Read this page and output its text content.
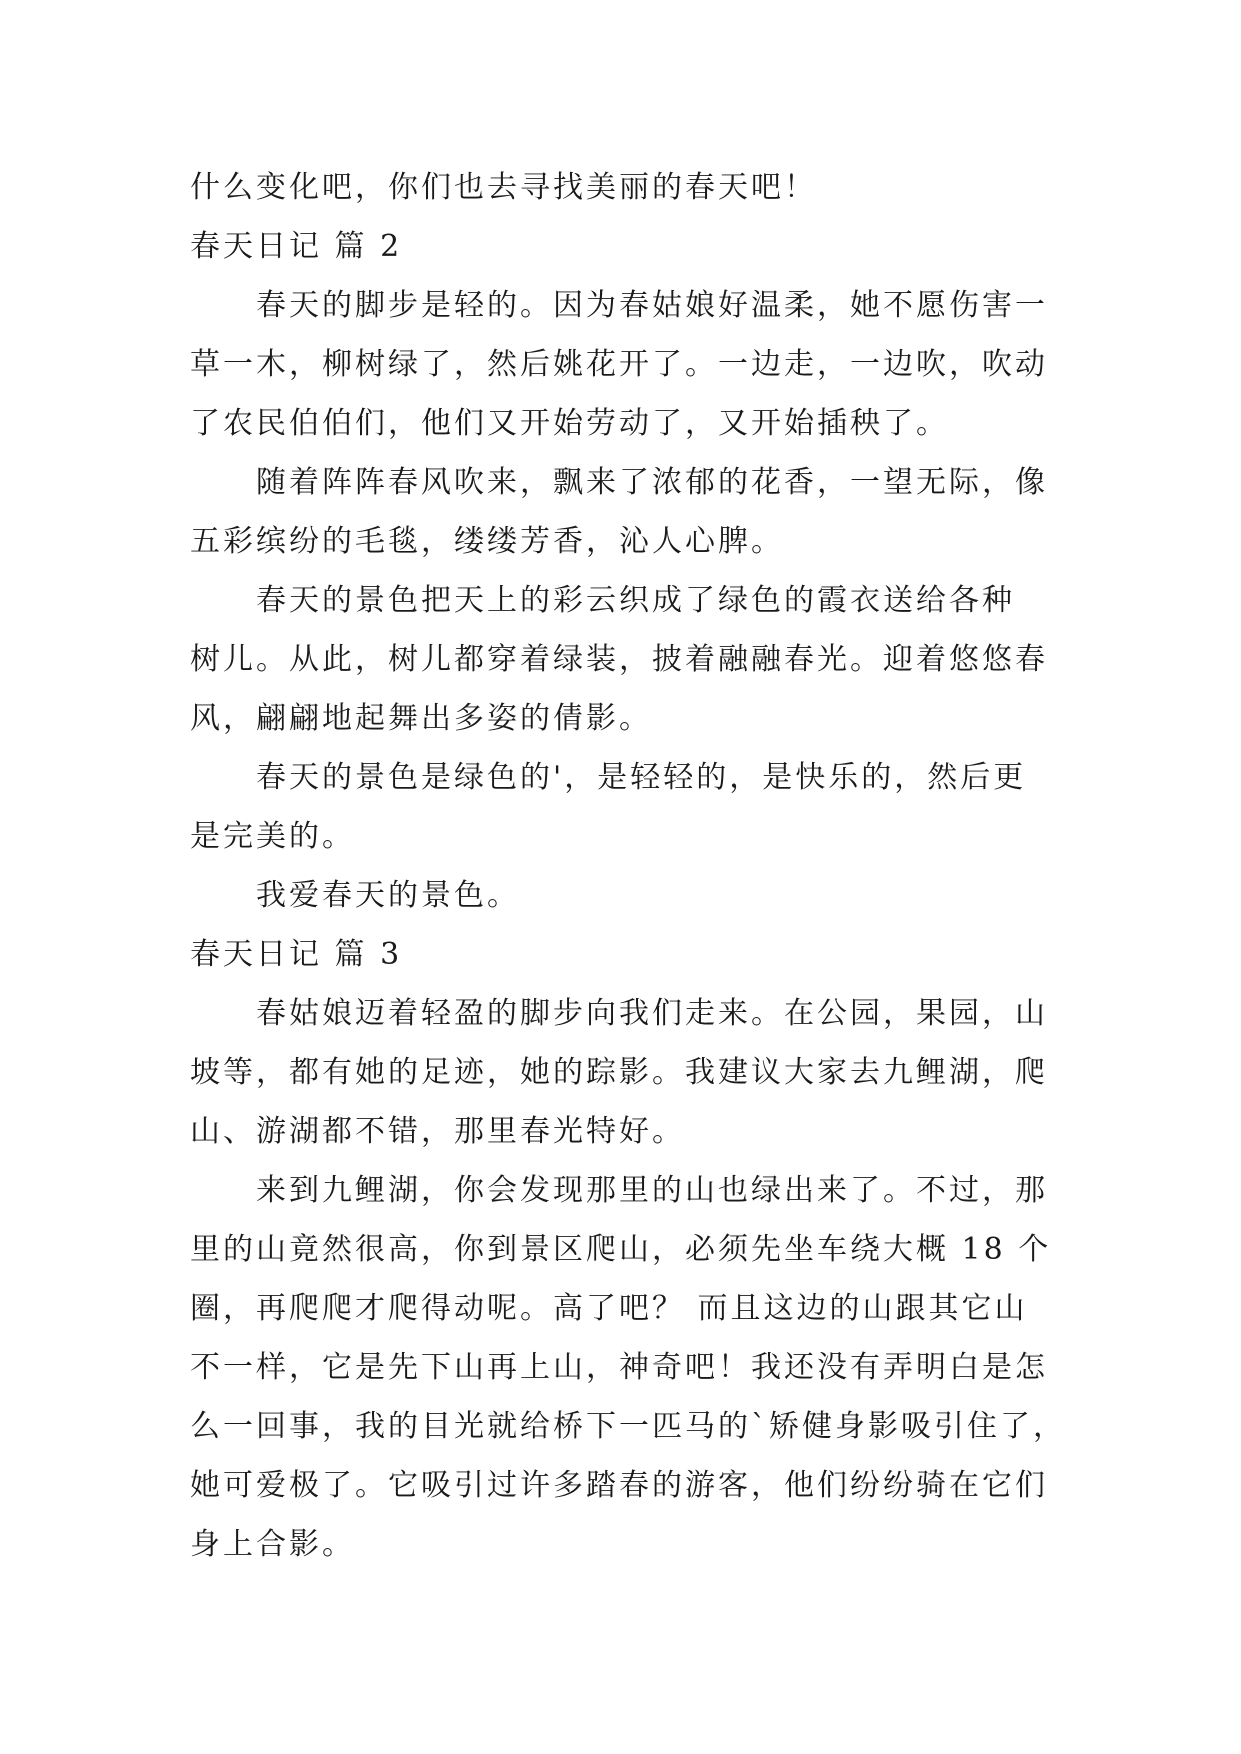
什么变化吧，你们也去寻找美丽的春天吧！
春天日记 篇 2
春天的脚步是轻的。因为春姑娘好温柔，她不愿伤害一
草一木，柳树绿了，然后姚花开了。一边走，一边吹，吹动
了农民伯伯们，他们又开始劳动了，又开始插秧了。
随着阵阵春风吹来，飘来了浓郁的花香，一望无际，像
五彩缤纷的毛毯，缕缕芳香，沁人心脾。
春天的景色把天上的彩云织成了绿色的霞衣送给各种
树儿。从此，树儿都穿着绿装，披着融融春光。迎着悠悠春
风，翩翩地起舞出多姿的倩影。
春天的景色是绿色的'，是轻轻的，是快乐的，然后更
是完美的。
我爱春天的景色。
春天日记 篇 3
春姑娘迈着轻盈的脚步向我们走来。在公园，果园，山
坡等，都有她的足迹，她的踪影。我建议大家去九鲤湖，爬
山、游湖都不错，那里春光特好。
来到九鲤湖，你会发现那里的山也绿出来了。不过，那
里的山竟然很高，你到景区爬山，必须先坐车绕大概 18 个
圈，再爬爬才爬得动呢。高了吧？ 而且这边的山跟其它山
不一样，它是先下山再上山，神奇吧！我还没有弄明白是怎
么一回事，我的目光就给桥下一匹马的`矫健身影吸引住了，
她可爱极了。它吸引过许多踏春的游客，他们纷纷骑在它们
身上合影。
